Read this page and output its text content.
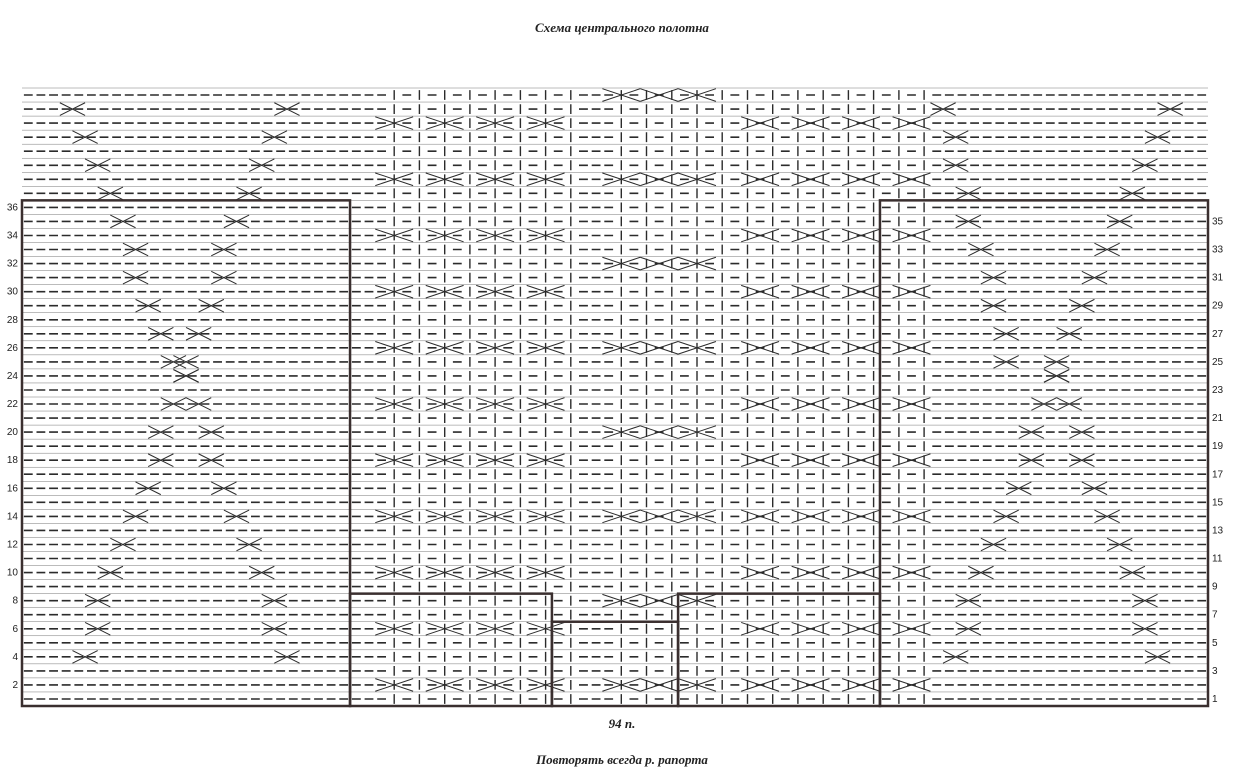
Схема центрального полотна
2
4
6
8
10
12
14
16
18
20
22
24
26
28
30
32
34
36
1
3
5
7
9
11
13
15
17
19
21
23
25
27
29
31
33
35
94 п.
Повторять всегда р. рапорта
